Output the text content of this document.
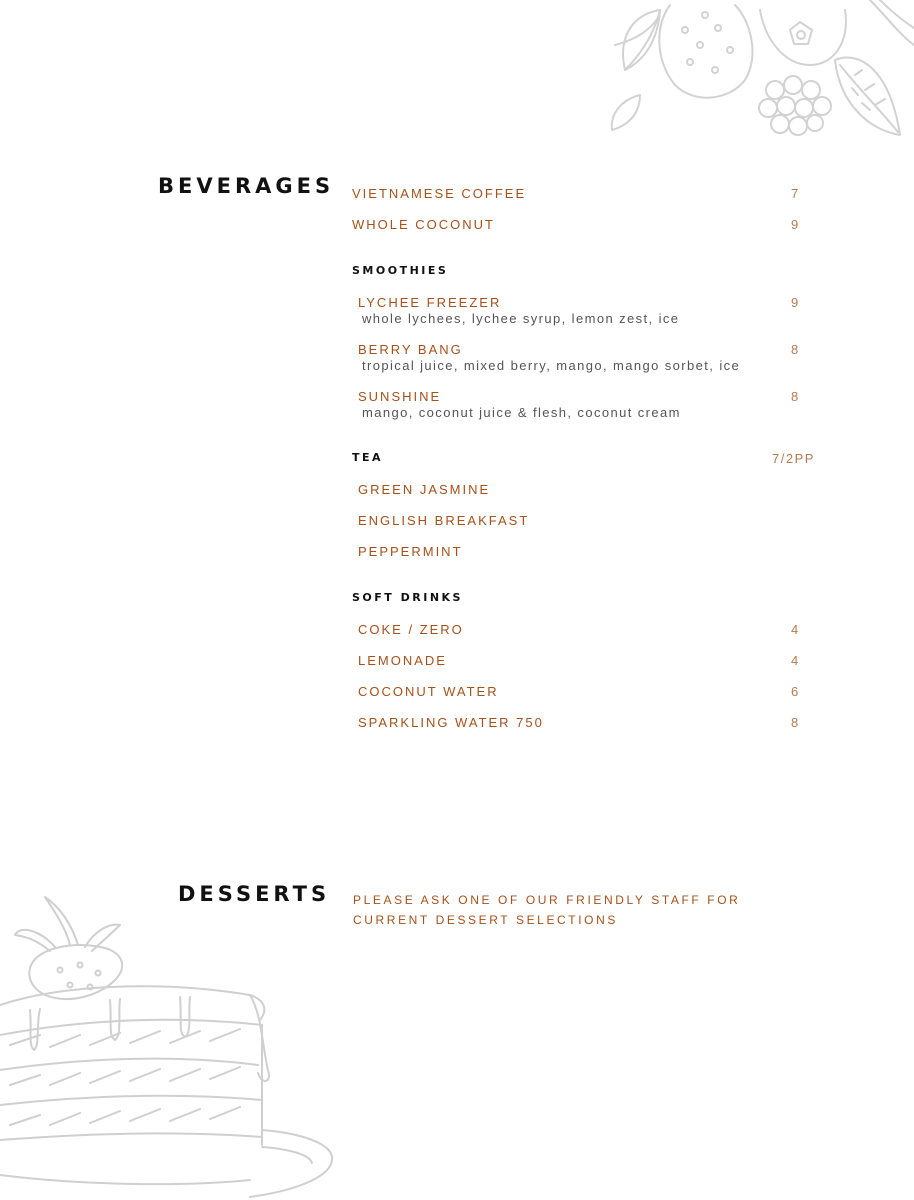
BEVERAGES VIETNAMESE COFFEE	7
WHOLE COCONUT	9
SMOOTHIES
LYCHEE FREEZER	9
whole lychees, lychee syrup, lemon zest, ice
BERRY BANG	8
tropical juice, mixed berry, mango, mango sorbet, ice
SUNSHINE	8
mango, coconut juice & flesh, coconut cream
TEA	7/2PP
GREEN JASMINE
ENGLISH BREAKFAST
PEPPERMINT
SOFT DRINKS
COKE / ZERO	4
LEMONADE	4
COCONUT WATER	6
SPARKLING WATER 750	8
DESSERTS PLEASE ASK ONE OF OUR FRIENDLY STAFF FOR
CURRENT DESSERT SELECTIONS
